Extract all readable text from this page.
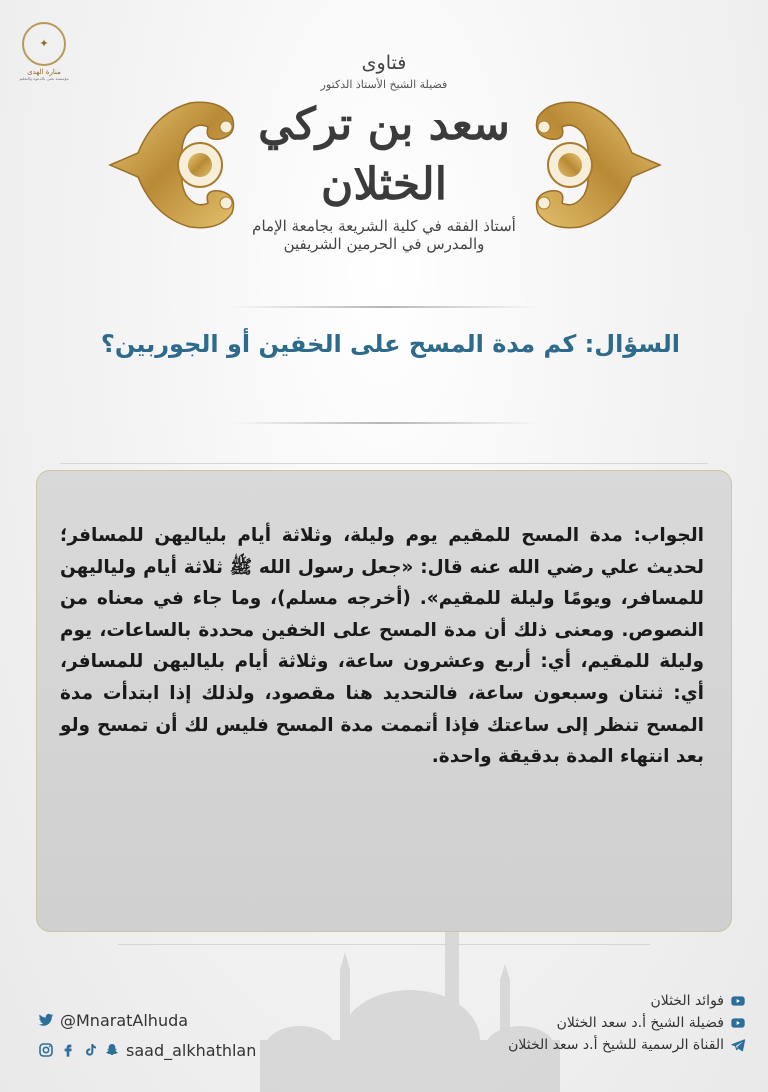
✦
منارة الهدى
مؤسسة تعنى بالدعوة والتعليم
فتاوى
فضيلة الشيخ الأستاذ الدكتور
سعد بن تركي الخثلان
أستاذ الفقه في كلية الشريعة بجامعة الإمام
والمدرس في الحرمين الشريفين
السؤال: كم مدة المسح على الخفين أو الجوربين؟
الجواب: مدة المسح للمقيم يوم وليلة، وثلاثة أيام بلياليهن للمسافر؛ لحديث علي رضي الله عنه قال: «جعل رسول الله ﷺ ثلاثة أيام ولياليهن للمسافر، ويومًا وليلة للمقيم». (أخرجه مسلم)، وما جاء في معناه من النصوص. ومعنى ذلك أن مدة المسح على الخفين محددة بالساعات، يوم وليلة للمقيم، أي: أربع وعشرون ساعة، وثلاثة أيام بلياليهن للمسافر، أي: ثنتان وسبعون ساعة، فالتحديد هنا مقصود، ولذلك إذا ابتدأت مدة المسح تنظر إلى ساعتك فإذا أتممت مدة المسح فليس لك أن تمسح ولو بعد انتهاء المدة بدقيقة واحدة.
@MnaratAlhuda
saad_alkhathlan
فوائد الخثلان
فضيلة الشيخ أ.د سعد الخثلان
القناة الرسمية للشيخ أ.د سعد الخثلان
